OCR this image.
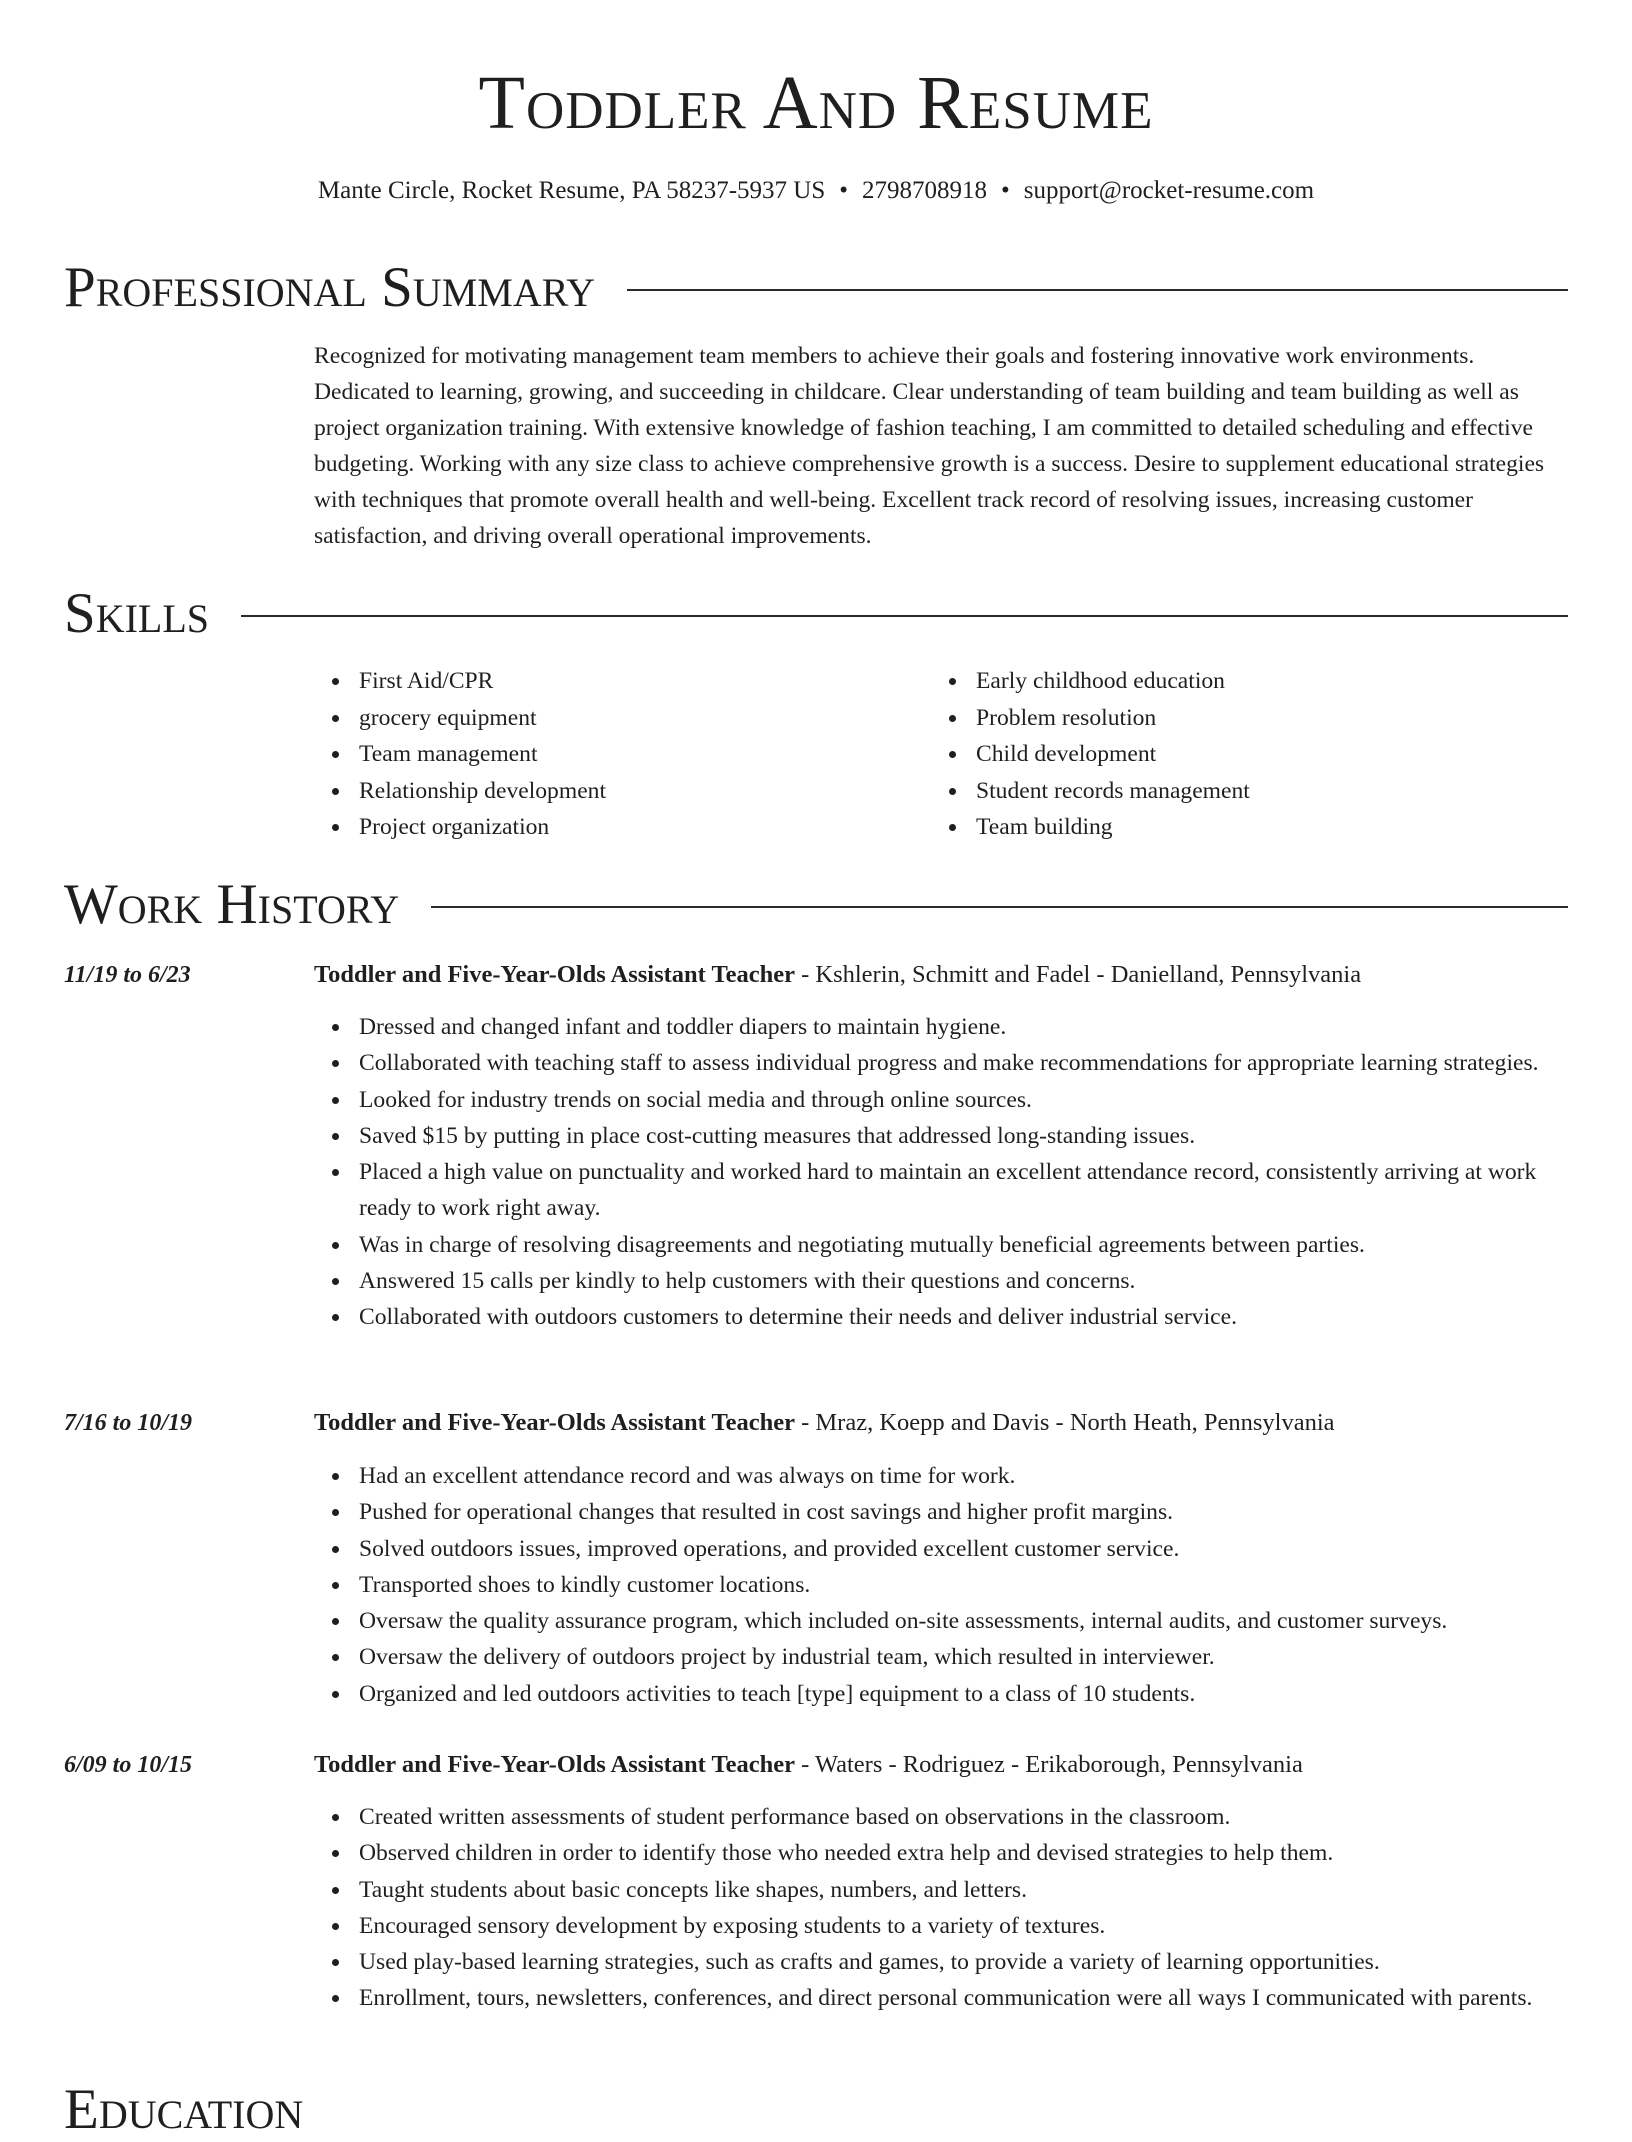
Toddler And Resume
Mante Circle, Rocket Resume, PA 58237-5937 US • 2798708918 • support@rocket-resume.com
Professional Summary

Recognized for motivating management team members to achieve their goals and fostering innovative work environments. Dedicated to learning, growing, and succeeding in childcare. Clear understanding of team building and team building as well as project organization training. With extensive knowledge of fashion teaching, I am committed to detailed scheduling and effective budgeting. Working with any size class to achieve comprehensive growth is a success. Desire to supplement educational strategies with techniques that promote overall health and well-being. Excellent track record of resolving issues, increasing customer satisfaction, and driving overall operational improvements.

Skills
First Aid/CPR
grocery equipment
Team management
Relationship development
Project organization
Early childhood education
Problem resolution
Child development
Student records management
Team building
Work History
11/19 to 6/23	Toddler and Five-Year-Olds Assistant Teacher - Kshlerin, Schmitt and Fadel - Danielland, Pennsylvania
Dressed and changed infant and toddler diapers to maintain hygiene.
Collaborated with teaching staff to assess individual progress and make recommendations for appropriate learning strategies.
Looked for industry trends on social media and through online sources.
Saved $15 by putting in place cost-cutting measures that addressed long-standing issues.
Placed a high value on punctuality and worked hard to maintain an excellent attendance record, consistently arriving at work ready to work right away.
Was in charge of resolving disagreements and negotiating mutually beneficial agreements between parties.
Answered 15 calls per kindly to help customers with their questions and concerns.
Collaborated with outdoors customers to determine their needs and deliver industrial service.
7/16 to 10/19	Toddler and Five-Year-Olds Assistant Teacher - Mraz, Koepp and Davis - North Heath, Pennsylvania
Had an excellent attendance record and was always on time for work.
Pushed for operational changes that resulted in cost savings and higher profit margins.
Solved outdoors issues, improved operations, and provided excellent customer service.
Transported shoes to kindly customer locations.
Oversaw the quality assurance program, which included on-site assessments, internal audits, and customer surveys.
Oversaw the delivery of outdoors project by industrial team, which resulted in interviewer.
Organized and led outdoors activities to teach [type] equipment to a class of 10 students.
6/09 to 10/15	Toddler and Five-Year-Olds Assistant Teacher - Waters - Rodriguez - Erikaborough, Pennsylvania
Created written assessments of student performance based on observations in the classroom.
Observed children in order to identify those who needed extra help and devised strategies to help them.
Taught students about basic concepts like shapes, numbers, and letters.
Encouraged sensory development by exposing students to a variety of textures.
Used play-based learning strategies, such as crafts and games, to provide a variety of learning opportunities.
Enrollment, tours, newsletters, conferences, and direct personal communication were all ways I communicated with parents.
Education
